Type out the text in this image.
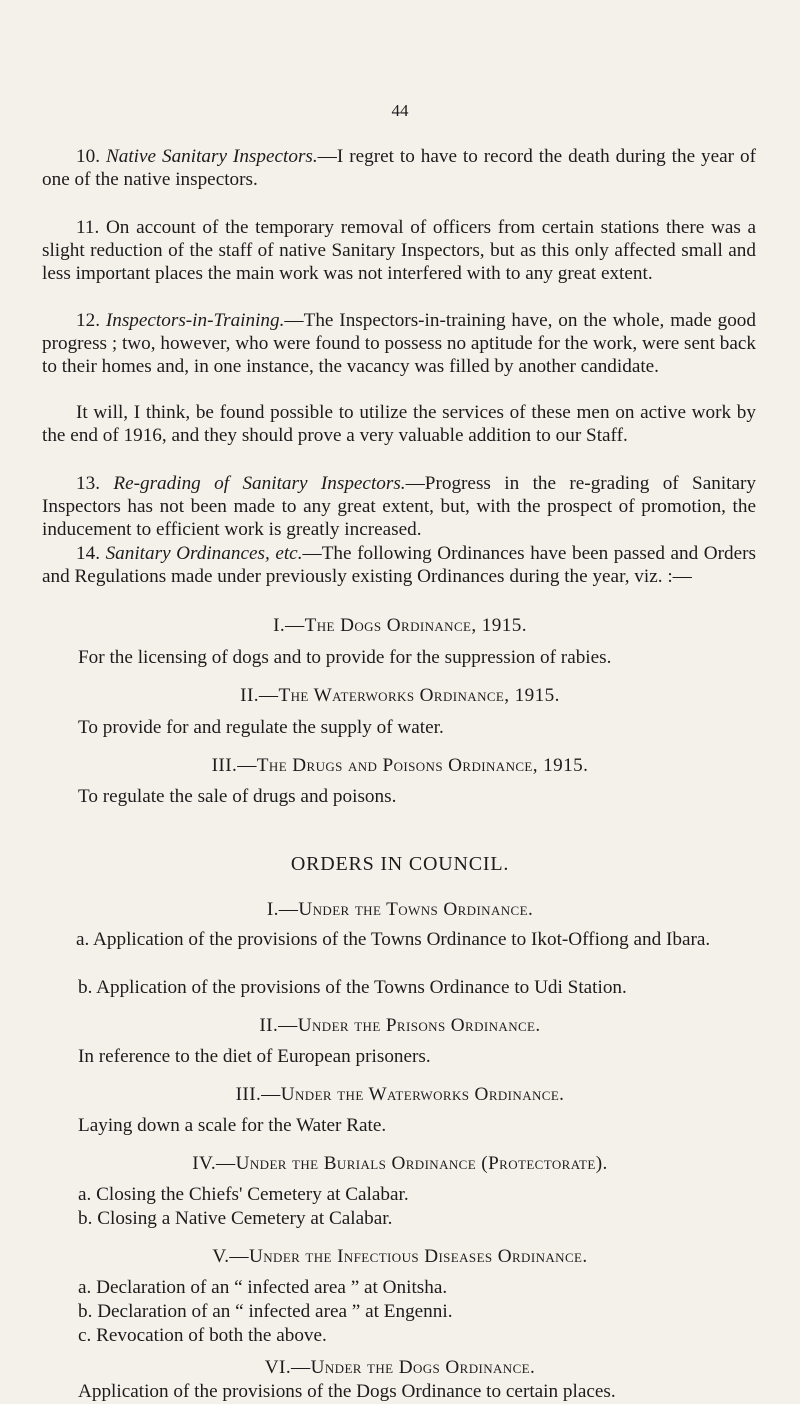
44

10. Native Sanitary Inspectors.—I regret to have to record the death during the year of one of the native inspectors.

11. On account of the temporary removal of officers from certain stations there was a slight reduction of the staff of native Sanitary Inspectors, but as this only affected small and less important places the main work was not interfered with to any great extent.

12. Inspectors-in-Training.—The Inspectors-in-training have, on the whole, made good progress ; two, however, who were found to possess no aptitude for the work, were sent back to their homes and, in one instance, the vacancy was filled by another candidate.

It will, I think, be found possible to utilize the services of these men on active work by the end of 1916, and they should prove a very valuable addition to our Staff.

13. Re-grading of Sanitary Inspectors.—Progress in the re-grading of Sanitary Inspectors has not been made to any great extent, but, with the prospect of promotion, the inducement to efficient work is greatly increased.

14. Sanitary Ordinances, etc.—The following Ordinances have been passed and Orders and Regulations made under previously existing Ordinances during the year, viz. :—

I.—The Dogs Ordinance, 1915.
For the licensing of dogs and to provide for the suppression of rabies.
II.—The Waterworks Ordinance, 1915.
To provide for and regulate the supply of water.
III.—The Drugs and Poisons Ordinance, 1915.
To regulate the sale of drugs and poisons.
ORDERS IN COUNCIL.
I.—Under the Towns Ordinance.

a. Application of the provisions of the Towns Ordinance to Ikot-Offiong and Ibara.

b. Application of the provisions of the Towns Ordinance to Udi Station.
II.—Under the Prisons Ordinance.
In reference to the diet of European prisoners.
III.—Under the Waterworks Ordinance.
Laying down a scale for the Water Rate.
IV.—Under the Burials Ordinance (Protectorate).
a. Closing the Chiefs' Cemetery at Calabar.
b. Closing a Native Cemetery at Calabar.
V.—Under the Infectious Diseases Ordinance.
a. Declaration of an “ infected area ” at Onitsha.
b. Declaration of an “ infected area ” at Engenni.
c. Revocation of both the above.
VI.—Under the Dogs Ordinance.
Application of the provisions of the Dogs Ordinance to certain places.
